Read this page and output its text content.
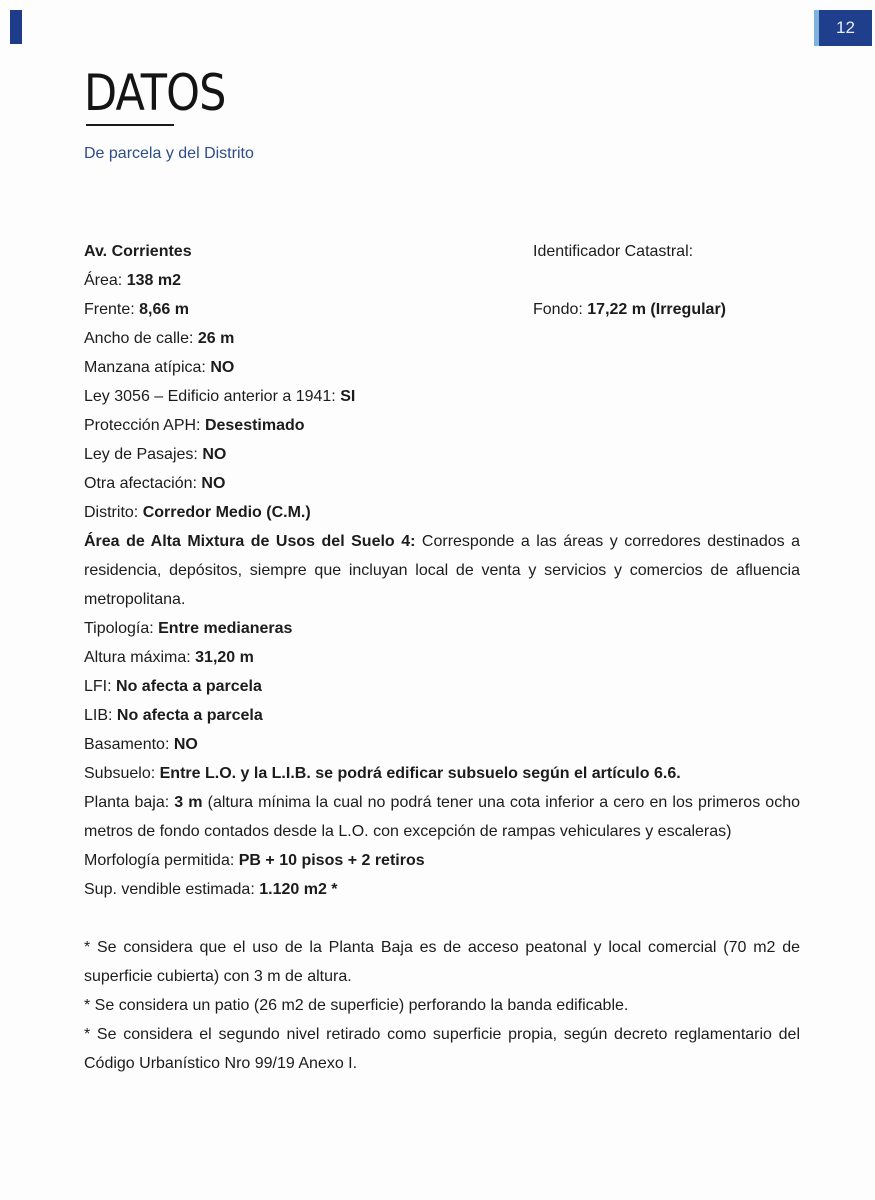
12
DATOS
De parcela y del Distrito
Identificador Catastral:
Fondo: 17,22 m (Irregular)
Av. Corrientes
Área: 138 m2
Frente: 8,66 m
Ancho de calle: 26 m
Manzana atípica: NO
Ley 3056 – Edificio anterior a 1941: SI
Protección APH: Desestimado
Ley de Pasajes: NO
Otra afectación: NO
Distrito: Corredor Medio (C.M.)
Área de Alta Mixtura de Usos del Suelo 4: Corresponde a las áreas y corredores destinados a residencia, depósitos, siempre que incluyan local de venta y servicios y comercios de afluencia metropolitana.
Tipología: Entre medianeras
Altura máxima: 31,20 m
LFI: No afecta a parcela
LIB: No afecta a parcela
Basamento: NO
Subsuelo: Entre L.O. y la L.I.B. se podrá edificar subsuelo según el artículo 6.6.
Planta baja: 3 m (altura mínima la cual no podrá tener una cota inferior a cero en los primeros ocho metros de fondo contados desde la L.O. con excepción de rampas vehiculares y escaleras)
Morfología permitida: PB + 10 pisos + 2 retiros
Sup. vendible estimada: 1.120 m2 *

* Se considera que el uso de la Planta Baja es de acceso peatonal y local comercial (70 m2 de superficie cubierta) con 3 m de altura.

* Se considera un patio (26 m2 de superficie) perforando la banda edificable.

* Se considera el segundo nivel retirado como superficie propia, según decreto reglamentario del Código Urbanístico Nro 99/19 Anexo I.
